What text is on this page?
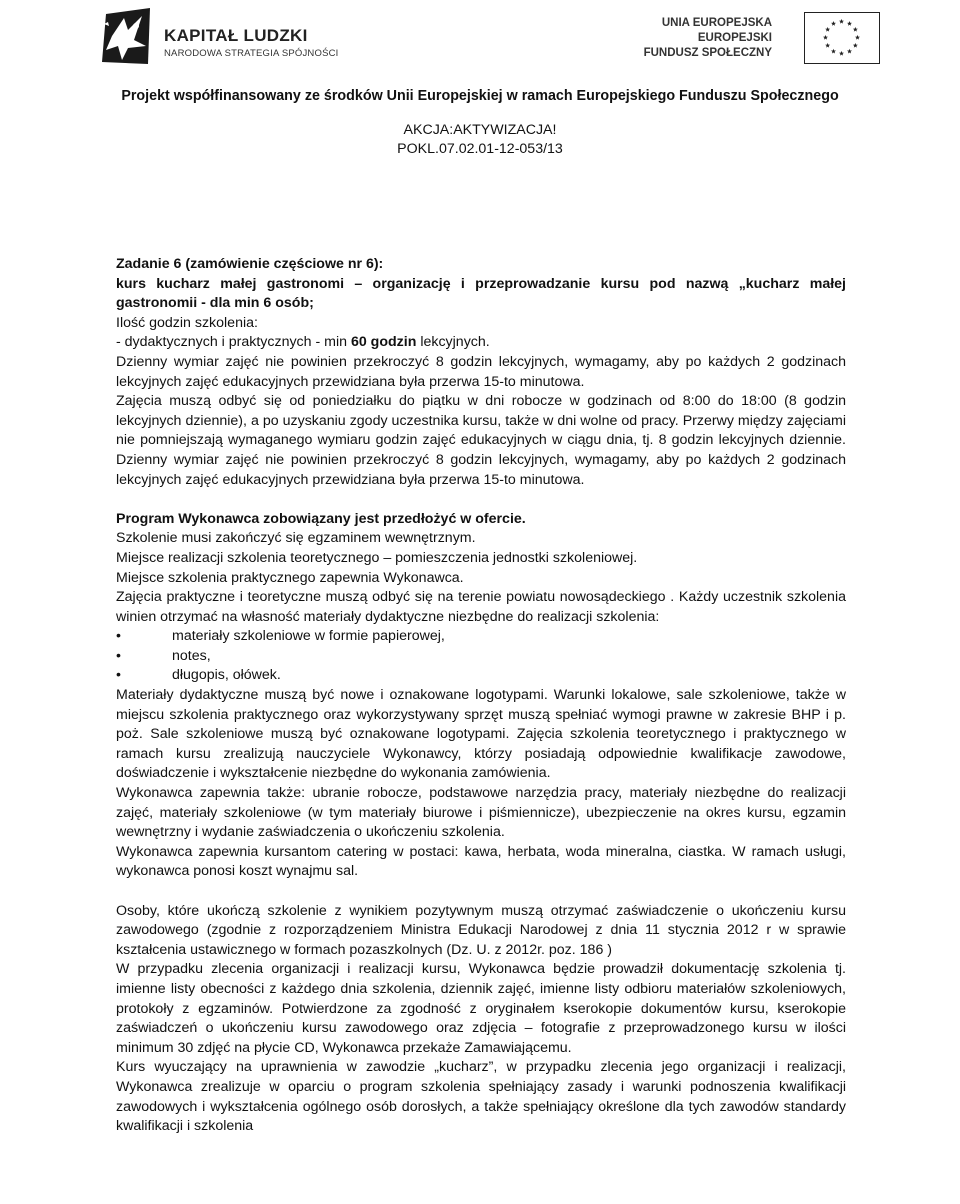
KAPITAŁ LUDZKI
NARODOWA STRATEGIA SPÓJNOŚCI
UNIA EUROPEJSKA
EUROPEJSKI
FUNDUSZ SPOŁECZNY
Projekt współfinansowany ze środków Unii Europejskiej w ramach Europejskiego Funduszu Społecznego
AKCJA:AKTYWIZACJA!
POKL.07.02.01-12-053/13

Zadanie 6 (zamówienie częściowe nr 6):

kurs kucharz małej gastronomi – organizację i przeprowadzanie kursu pod nazwą „kucharz małej gastronomii - dla min 6 osób;

Ilość godzin szkolenia:

- dydaktycznych i praktycznych - min 60 godzin lekcyjnych.

Dzienny wymiar zajęć nie powinien przekroczyć 8 godzin lekcyjnych, wymagamy, aby po każdych 2 godzinach lekcyjnych zajęć edukacyjnych przewidziana była przerwa 15-to minutowa.

Zajęcia muszą odbyć się od poniedziałku do piątku w dni robocze w godzinach od 8:00 do 18:00 (8 godzin lekcyjnych dziennie), a po uzyskaniu zgody uczestnika kursu, także w dni wolne od pracy. Przerwy między zajęciami nie pomniejszają wymaganego wymiaru godzin zajęć edukacyjnych w ciągu dnia, tj. 8 godzin lekcyjnych dziennie. Dzienny wymiar zajęć nie powinien przekroczyć 8 godzin lekcyjnych, wymagamy, aby po każdych 2 godzinach lekcyjnych zajęć edukacyjnych przewidziana była przerwa 15-to minutowa.

Program Wykonawca zobowiązany jest przedłożyć w ofercie.

Szkolenie musi zakończyć się egzaminem wewnętrznym.

Miejsce realizacji szkolenia teoretycznego – pomieszczenia jednostki szkoleniowej.

Miejsce szkolenia praktycznego zapewnia Wykonawca.

Zajęcia praktyczne i teoretyczne muszą odbyć się na terenie powiatu nowosądeckiego . Każdy uczestnik szkolenia winien otrzymać na własność materiały dydaktyczne niezbędne do realizacji szkolenia:

•	materiały szkoleniowe w formie papierowej,
•	notes,
•	długopis, ołówek.

Materiały dydaktyczne muszą być nowe i oznakowane logotypami. Warunki lokalowe, sale szkoleniowe, także w miejscu szkolenia praktycznego oraz wykorzystywany sprzęt muszą spełniać wymogi prawne w zakresie BHP i p. poż. Sale szkoleniowe muszą być oznakowane logotypami. Zajęcia szkolenia teoretycznego i praktycznego w ramach kursu zrealizują nauczyciele Wykonawcy, którzy posiadają odpowiednie kwalifikacje zawodowe, doświadczenie i wykształcenie niezbędne do wykonania zamówienia.

Wykonawca zapewnia także: ubranie robocze, podstawowe narzędzia pracy, materiały niezbędne do realizacji zajęć, materiały szkoleniowe (w tym materiały biurowe i piśmiennicze), ubezpieczenie na okres kursu, egzamin wewnętrzny i wydanie zaświadczenia o ukończeniu szkolenia.

Wykonawca zapewnia kursantom catering w postaci: kawa, herbata, woda mineralna, ciastka. W ramach usługi, wykonawca ponosi koszt wynajmu sal.

Osoby, które ukończą szkolenie z wynikiem pozytywnym muszą otrzymać zaświadczenie o ukończeniu kursu zawodowego (zgodnie z rozporządzeniem Ministra Edukacji Narodowej z dnia 11 stycznia 2012 r w sprawie kształcenia ustawicznego w formach pozaszkolnych (Dz. U. z 2012r. poz. 186 )

W przypadku zlecenia organizacji i realizacji kursu, Wykonawca będzie prowadził dokumentację szkolenia tj. imienne listy obecności z każdego dnia szkolenia, dziennik zajęć, imienne listy odbioru materiałów szkoleniowych, protokoły z egzaminów. Potwierdzone za zgodność z oryginałem kserokopie dokumentów kursu, kserokopie zaświadczeń o ukończeniu kursu zawodowego oraz zdjęcia – fotografie z przeprowadzonego kursu w ilości minimum 30 zdjęć na płycie CD, Wykonawca przekaże Zamawiającemu.

Kurs wyuczający na uprawnienia w zawodzie „kucharz”, w przypadku zlecenia jego organizacji i realizacji, Wykonawca zrealizuje w oparciu o program szkolenia spełniający zasady i warunki podnoszenia kwalifikacji zawodowych i wykształcenia ogólnego osób dorosłych, a także spełniający określone dla tych zawodów standardy kwalifikacji i szkolenia
